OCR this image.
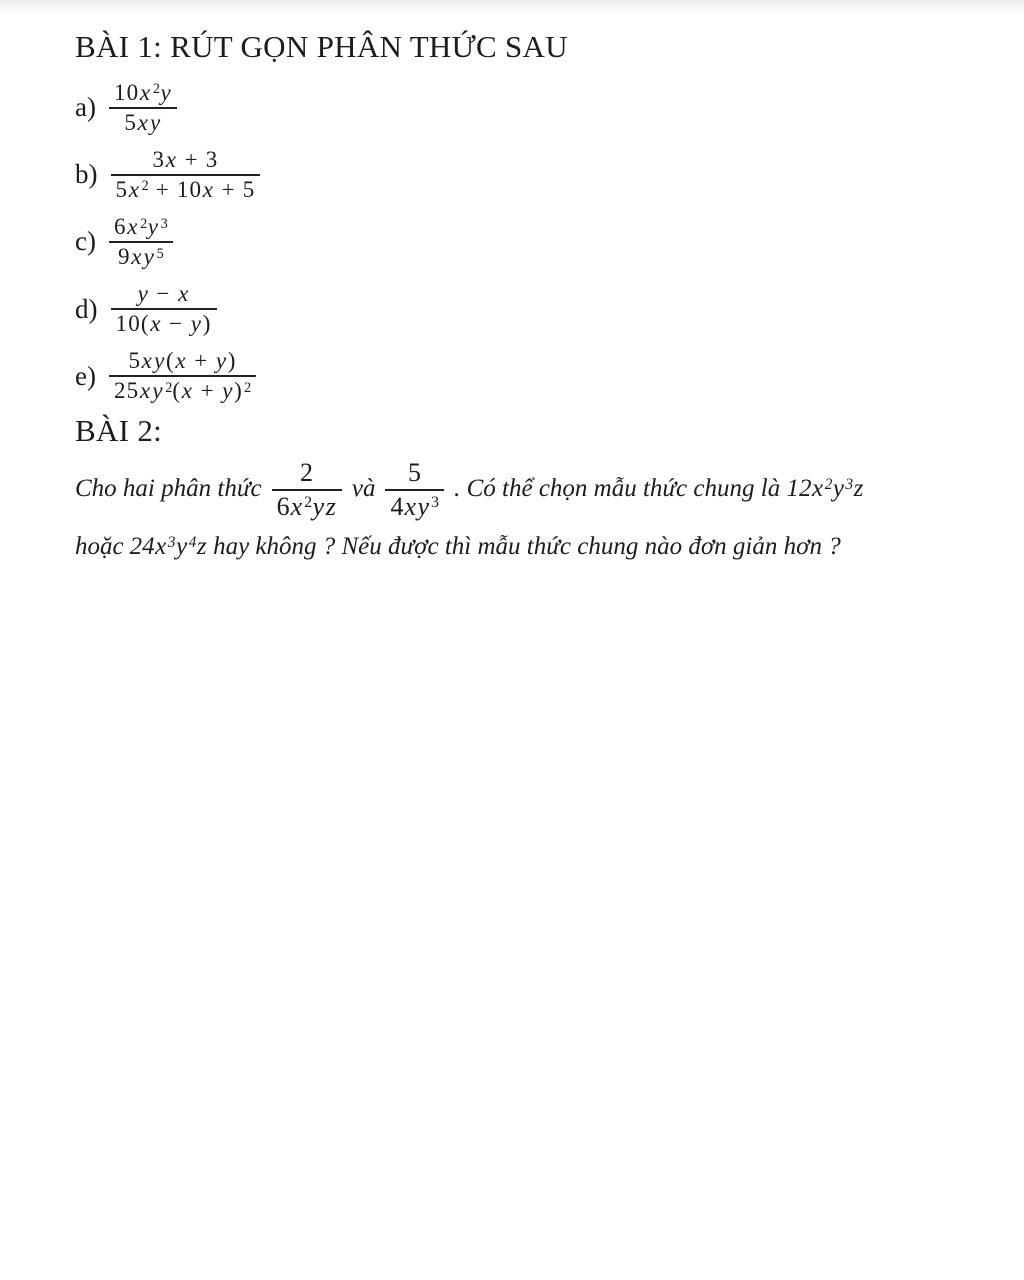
BÀI 1: RÚT GỌN PHÂN THỨC SAU
$a) \frac{10x ^2y}{5xy}$
$b) \frac{3x + 3}{5x ^2 + 10x + 5}$
$c) \frac{6x ^2y ^3}{9xy ^5}$
$d) \frac{y - x}{10(x - y)}$
$e) \frac{5xy(x + y)}{25xy ^2(x + y)^2}$
BÀI 2:
Cho hai phân thức $\frac{2}{6x^2yz}$ và $\frac{5}{4xy^3}$ . Có thể chọn mẫu thức chung là $12x^2y^3z$
hoặc $24x^3y^4z$ hay không ? Nếu được thì mẫu thức chung nào đơn giản hơn ?
